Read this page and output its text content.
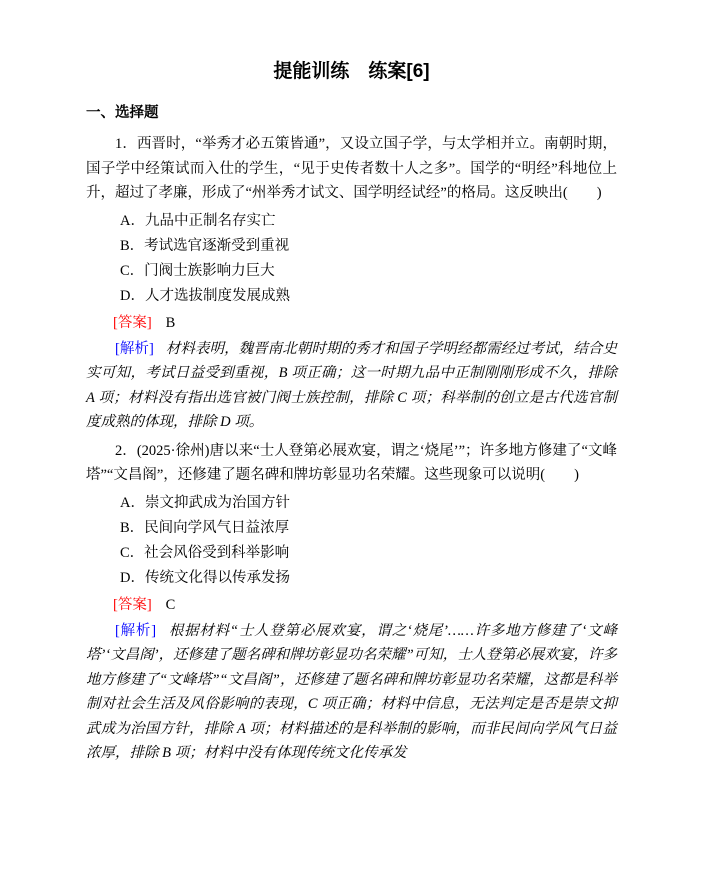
提能训练　练案[6]
一、选择题

1．西晋时，“举秀才必五策皆通”，又设立国子学，与太学相并立。南朝时期，国子学中经策试而入仕的学生，“见于史传者数十人之多”。国学的“明经”科地位上升，超过了孝廉，形成了“州举秀才试文、国学明经试经”的格局。这反映出(　　)

A．九品中正制名存实亡
B．考试选官逐渐受到重视
C．门阀士族影响力巨大
D．人才选拔制度发展成熟

[答案] B

[解析] 材料表明，魏晋南北朝时期的秀才和国子学明经都需经过考试，结合史实可知，考试日益受到重视，B 项正确；这一时期九品中正制刚刚形成不久，排除 A 项；材料没有指出选官被门阀士族控制，排除 C 项；科举制的创立是古代选官制度成熟的体现，排除 D 项。

2．(2025·徐州)唐以来“士人登第必展欢宴，谓之‘烧尾’”；许多地方修建了“文峰塔”“文昌阁”，还修建了题名碑和牌坊彰显功名荣耀。这些现象可以说明(　　)

A．崇文抑武成为治国方针
B．民间向学风气日益浓厚
C．社会风俗受到科举影响
D．传统文化得以传承发扬

[答案] C

[解析] 根据材料“士人登第必展欢宴，谓之‘烧尾’……许多地方修建了‘文峰塔’‘文昌阁’，还修建了题名碑和牌坊彰显功名荣耀”可知，士人登第必展欢宴，许多地方修建了“文峰塔”“文昌阁”，还修建了题名碑和牌坊彰显功名荣耀，这都是科举制对社会生活及风俗影响的表现，C 项正确；材料中信息，无法判定是否是崇文抑武成为治国方针，排除 A 项；材料描述的是科举制的影响，而非民间向学风气日益浓厚，排除 B 项；材料中没有体现传统文化传承发
